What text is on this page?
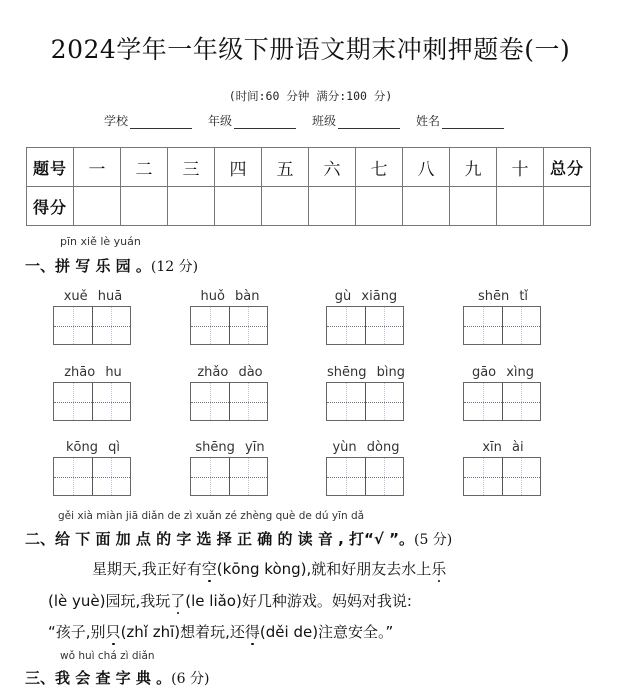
2024学年一年级下册语文期末冲刺押题卷(一)
(时间:60 分钟 满分:100 分)
学校	年级	班级	姓名
题号	一	二	三	四	五	六	七	八	九	十	总分
得分											
pīn xiě lè yuán
一、拼 写 乐 园 。(12 分)
xuě huā	huǒ bàn	gù xiāng	shēn tǐ
zhāo hu	zhǎo dào	shēng bìng	gāo xìng
kōng qì	shēng yīn	yùn dòng	xīn ài
gěi xià miàn jiā diǎn de zì xuǎn zé zhèng què de dú yīn dǎ
二、给 下 面 加 点 的 字 选 择 正 确 的 读 音 , 打“√ ”。(5 分)
星期天,我正好有空(kōng kòng),就和好朋友去水上乐
(lè yuè)园玩,我玩了(le liǎo)好几种游戏。妈妈对我说:
“孩子,别只(zhǐ zhī)想着玩,还得(děi de)注意安全。”
wǒ huì chá zì diǎn
三、我 会 查 字 典 。(6 分)
